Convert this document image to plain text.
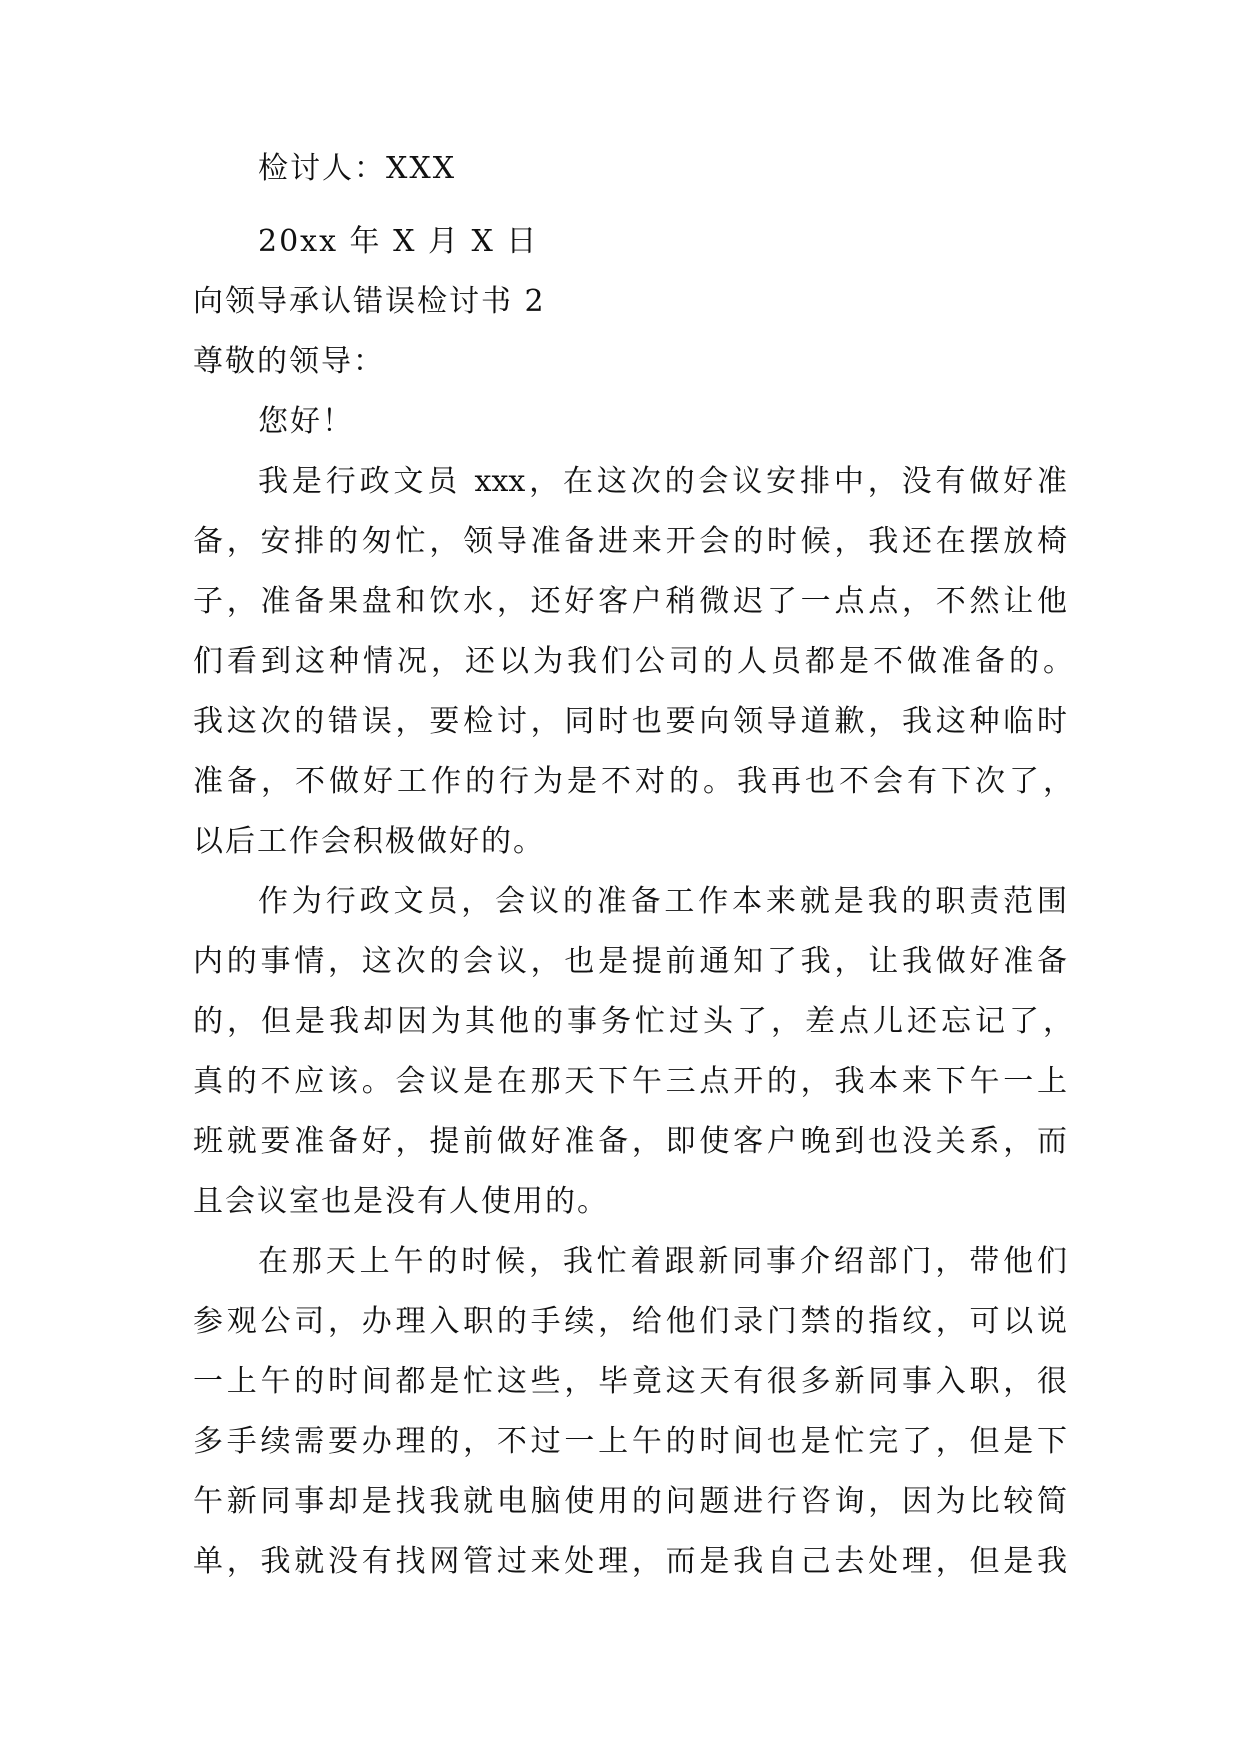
检讨人：XXX
20xx 年 X 月 X 日
向领导承认错误检讨书 2
尊敬的领导：
您好！
我是行政文员 xxx，在这次的会议安排中，没有做好准
备，安排的匆忙，领导准备进来开会的时候，我还在摆放椅
子，准备果盘和饮水，还好客户稍微迟了一点点，不然让他
们看到这种情况，还以为我们公司的人员都是不做准备的。
我这次的错误，要检讨，同时也要向领导道歉，我这种临时
准备，不做好工作的行为是不对的。我再也不会有下次了，
以后工作会积极做好的。
作为行政文员，会议的准备工作本来就是我的职责范围
内的事情，这次的会议，也是提前通知了我，让我做好准备
的，但是我却因为其他的事务忙过头了，差点儿还忘记了，
真的不应该。会议是在那天下午三点开的，我本来下午一上
班就要准备好，提前做好准备，即使客户晚到也没关系，而
且会议室也是没有人使用的。
在那天上午的时候，我忙着跟新同事介绍部门，带他们
参观公司，办理入职的手续，给他们录门禁的指纹，可以说
一上午的时间都是忙这些，毕竟这天有很多新同事入职，很
多手续需要办理的，不过一上午的时间也是忙完了，但是下
午新同事却是找我就电脑使用的问题进行咨询，因为比较简
单，我就没有找网管过来处理，而是我自己去处理，但是我
